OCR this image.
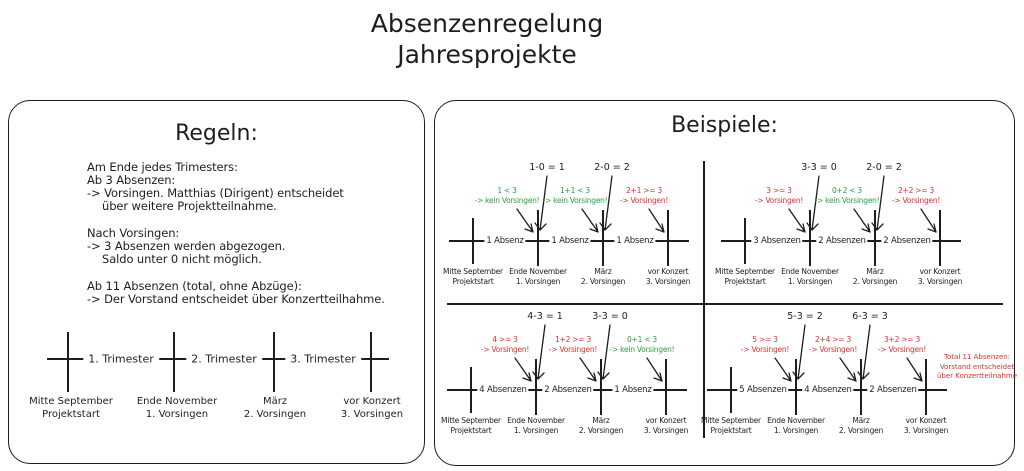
Absenzenregelung
Jahresprojekte
Regeln:
Am Ende jedes Trimesters:
Ab 3 Absenzen:
-> Vorsingen. Matthias (Dirigent) entscheidet
über weitere Projektteilnahme.
Nach Vorsingen:
-> 3 Absenzen werden abgezogen.
Saldo unter 0 nicht möglich.
Ab 11 Absenzen (total, ohne Abzüge):
-> Der Vorstand entscheidet über Konzertteilhahme.
1. Trimester	2. Trimester	3. Trimester
Mitte September
Projektstart
Ende November
1. Vorsingen
März
2. Vorsingen
vor Konzert
3. Vorsingen
Beispiele:
1-0 = 1	2-0 = 2
1 < 3
-> kein Vorsingen!
1+1 < 3
-> kein Vorsingen!
2+1 >= 3
-> Vorsingen!
1 Absenz	1 Absenz	1 Absenz
Mitte September
Projektstart
Ende November
1. Vorsingen
März
2. Vorsingen
vor Konzert
3. Vorsingen
3-3 = 0	2-0 = 2
3 >= 3
-> Vorsingen!
0+2 < 3
-> kein Vorsingen!
2+2 >= 3
-> Vorsingen!
3 Absenzen 2 Absenzen 2 Absenzen
Mitte September
Projektstart
Ende November
1. Vorsingen
März
2. Vorsingen
vor Konzert
3. Vorsingen
4-3 = 1	3-3 = 0
4 >= 3
-> Vorsingen!
1+2 >= 3
-> Vorsingen!
0+1 < 3
-> kein Vorsingen!
4 Absenzen 2 Absenzen	1 Absenz
Mitte September
Projektstart
Ende November
1. Vorsingen
März
2. Vorsingen
vor Konzert
3. Vorsingen
5-3 = 2	6-3 = 3
5 >= 3
-> Vorsingen!
2+4 >= 3
-> Vorsingen!
3+2 >= 3
-> Vorsingen!
Total 11 Absenzen:
Vorstand entscheidet
über Konzertteilnahme
5 Absenzen 4 Absenzen 2 Absenzen
Mitte September
Projektstart
Ende November
1. Vorsingen
März
2. Vorsingen
vor Konzert
3. Vorsingen
